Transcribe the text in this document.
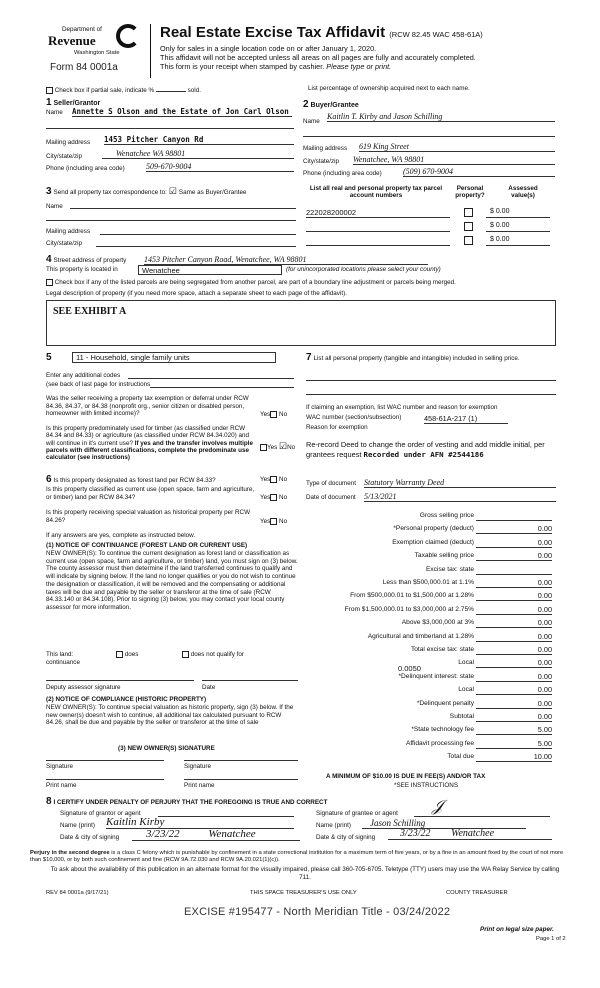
Department of
Revenue
Washington State
Form 84 0001a
Real Estate Excise Tax Affidavit (RCW 82.45 WAC 458-61A)
Only for sales in a single location code on or after January 1, 2020.
This affidavit will not be accepted unless all areas on all pages are fully and accurately completed.
This form is your receipt when stamped by cashier. Please type or print.
Check box if partial sale, indicate %	sold.	List percentage of ownership acquired next to each name.
1 Seller/Grantor
Name Annette S Olson and the Estate of Jon Carl Olson
Mailing address 1453 Pitcher Canyon Rd
City/state/zip	Wenatchee WA 98801
Phone (including area code)	509-670-9004
2 Buyer/Grantee
Name
Kaitlin T. Kirby and Jason Schilling
Mailing address 619 King Street
City/state/zip Wenatchee, WA 98801
Phone (including area code)	(509) 670-9004
3 Send all property tax correspondence to: ☑ Same as Buyer/Grantee
Name
Mailing address
City/state/zip
List all real and personal property tax parcel account numbers
Personal property?
Assessed value(s)
222028200002	$ 0.00
$ 0.00
$ 0.00
4 Street address of property 1453 Pitcher Canyon Road, Wenatchee, WA 98801
This property is located in	Wenatchee	(for unincorporated locations please select your county)
Check box if any of the listed parcels are being segregated from another parcel, are part of a boundary line adjustment or parcels being merged.
Legal description of property (if you need more space, attach a separate sheet to each page of the affidavit).
SEE EXHIBIT A
5	11 - Household, single family units
Enter any additional codes
(see back of last page for instructions
Was the seller receiving a property tax exemption or deferral under RCW 84.36, 84.37, or 84.38 (nonprofit org., senior citizen or disabled person, homeowner with limited income)?	Yes No
Is this property predominately used for timber (as classified under RCW 84.34 and 84.33) or agriculture (as classified under RCW 84.34.020) and will continue in it's current use? If yes and the transfer involves multiple parcels with different classifications, complete the predominate use calculator (see instructions)
Yes ☑No
6 Is this property designated as forest land per RCW 84.33?	Yes No
Is this property classified as current use (open space, farm and agriculture, or timber) land per RCW 84.34?	Yes No
Is this property receiving special valuation as historical property per RCW 84.26?	Yes No
If any answers are yes, complete as instructed below.
(1) NOTICE OF CONTINUANCE (FOREST LAND OR CURRENT USE)
NEW OWNER(S): To continue the current designation as forest land or classification as current use (open space, farm and agriculture, or timber) land, you must sign on (3) below. The county assessor must then determine if the land transferred continues to qualify and will indicate by signing below. If the land no longer qualifies or you do not wish to continue the designation or classification, it will be removed and the compensating or additional taxes will be due and payable by the seller or transferor at the time of sale (RCW 84.33.140 or 84.34.108). Prior to signing (3) below, you may contact your local county assessor for more information.
This land:	does	does not qualify for
continuance
Deputy assessor signature	Date
(2) NOTICE OF COMPLIANCE (HISTORIC PROPERTY)
NEW OWNER(S): To continue special valuation as historic property, sign (3) below. If the new owner(s) doesn't wish to continue, all additional tax calculated pursuant to RCW 84.26, shall be due and payable by the seller or transferor at the time of sale
(3) NEW OWNER(S) SIGNATURE
Signature	Signature
Print name	Print name
7 List all personal property (tangible and intangible) included in selling price.
If claiming an exemption, list WAC number and reason for exemption
WAC number (section/subsection)	458-61A-217 (1)
Reason for exemption
Re-record Deed to change the order of vesting and add middle initial, per grantees request Recorded under AFN #2544186
Type of document Statutory Warranty Deed
Date of document 5/13/2021
Gross selling price
*Personal property (deduct)	0.00
Exemption claimed (deduct)	0.00
Taxable selling price	0.00
Excise tax: state
Less than $500,000.01 at 1.1%	0.00
From $500,000.01 to $1,500,000 at 1.28%	0.00
From $1,500,000.01 to $3,000,000 at 2.75%	0.00
Above $3,000,000 at 3%	0.00
Agricultural and timberland at 1.28%	0.00
Total excise tax: state	0.00
Local	0.00
*Delinquent interest: state	0.00
Local	0.00
*Delinquent penalty	0.00
Subtotal	0.00
*State technology fee	5.00
Affidavit processing fee	5.00
Total due	10.00
0.0050
A MINIMUM OF $10.00 IS DUE IN FEE(S) AND/OR TAX
*SEE INSTRUCTIONS
8 I CERTIFY UNDER PENALTY OF PERJURY THAT THE FOREGOING IS TRUE AND CORRECT
Signature of grantor or agent
Name (print) Kaitlin Kirby
Date & city of signing	3/23/22	Wenatchee
Signature of grantee or agent 𝒥
Name (print)	Jason Schilling
Date & city of signing	3/23/22 Wenatchee
Perjury in the second degree is a class C felony which is punishable by confinement in a state correctional institution for a maximum term of five years, or by a fine in an amount fixed by the court of not more than $10,000, or by both such confinement and fine (RCW 9A.72.030 and RCW 9A.20.021(1)(c)).
To ask about the availability of this publication in an alternate format for the visually impaired, please call 360-705-6705. Teletype (TTY) users may use the WA Relay Service by calling 711.
REV 84 0001a (9/17/21)	THIS SPACE TREASURER'S USE ONLY	COUNTY TREASURER
EXCISE #195477 - North Meridian Title - 03/24/2022
Print on legal size paper.
Page 1 of 2
